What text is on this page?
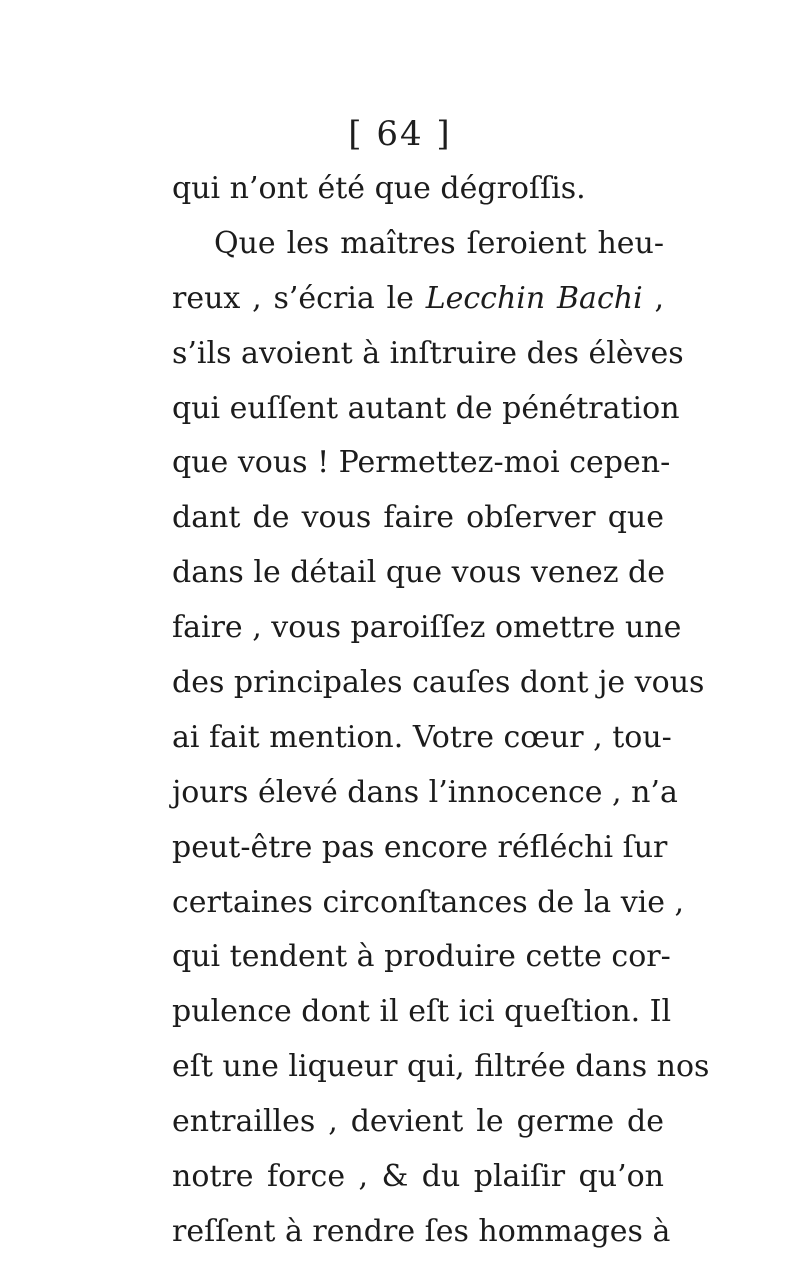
[ 64 ]
qui n’ont été que dégroſſis.
Que les maîtres ſeroient heu-
reux , s’écria le Lecchin Bachi ,
s’ils avoient à inſtruire des élèves
qui euſſent autant de pénétration
que vous ! Permettez-moi cepen-
dant de vous faire obſerver que
dans le détail que vous venez de
faire , vous paroiſſez omettre une
des principales cauſes dont je vous
ai fait mention. Votre cœur , tou-
jours élevé dans l’innocence , n’a
peut-être pas encore réfléchi ſur
certaines circonſtances de la vie ,
qui tendent à produire cette cor-
pulence dont il eſt ici queſtion. Il
eſt une liqueur qui, filtrée dans nos
entrailles , devient le germe de
notre force , & du plaiſir qu’on
reſſent à rendre ſes hommages à
